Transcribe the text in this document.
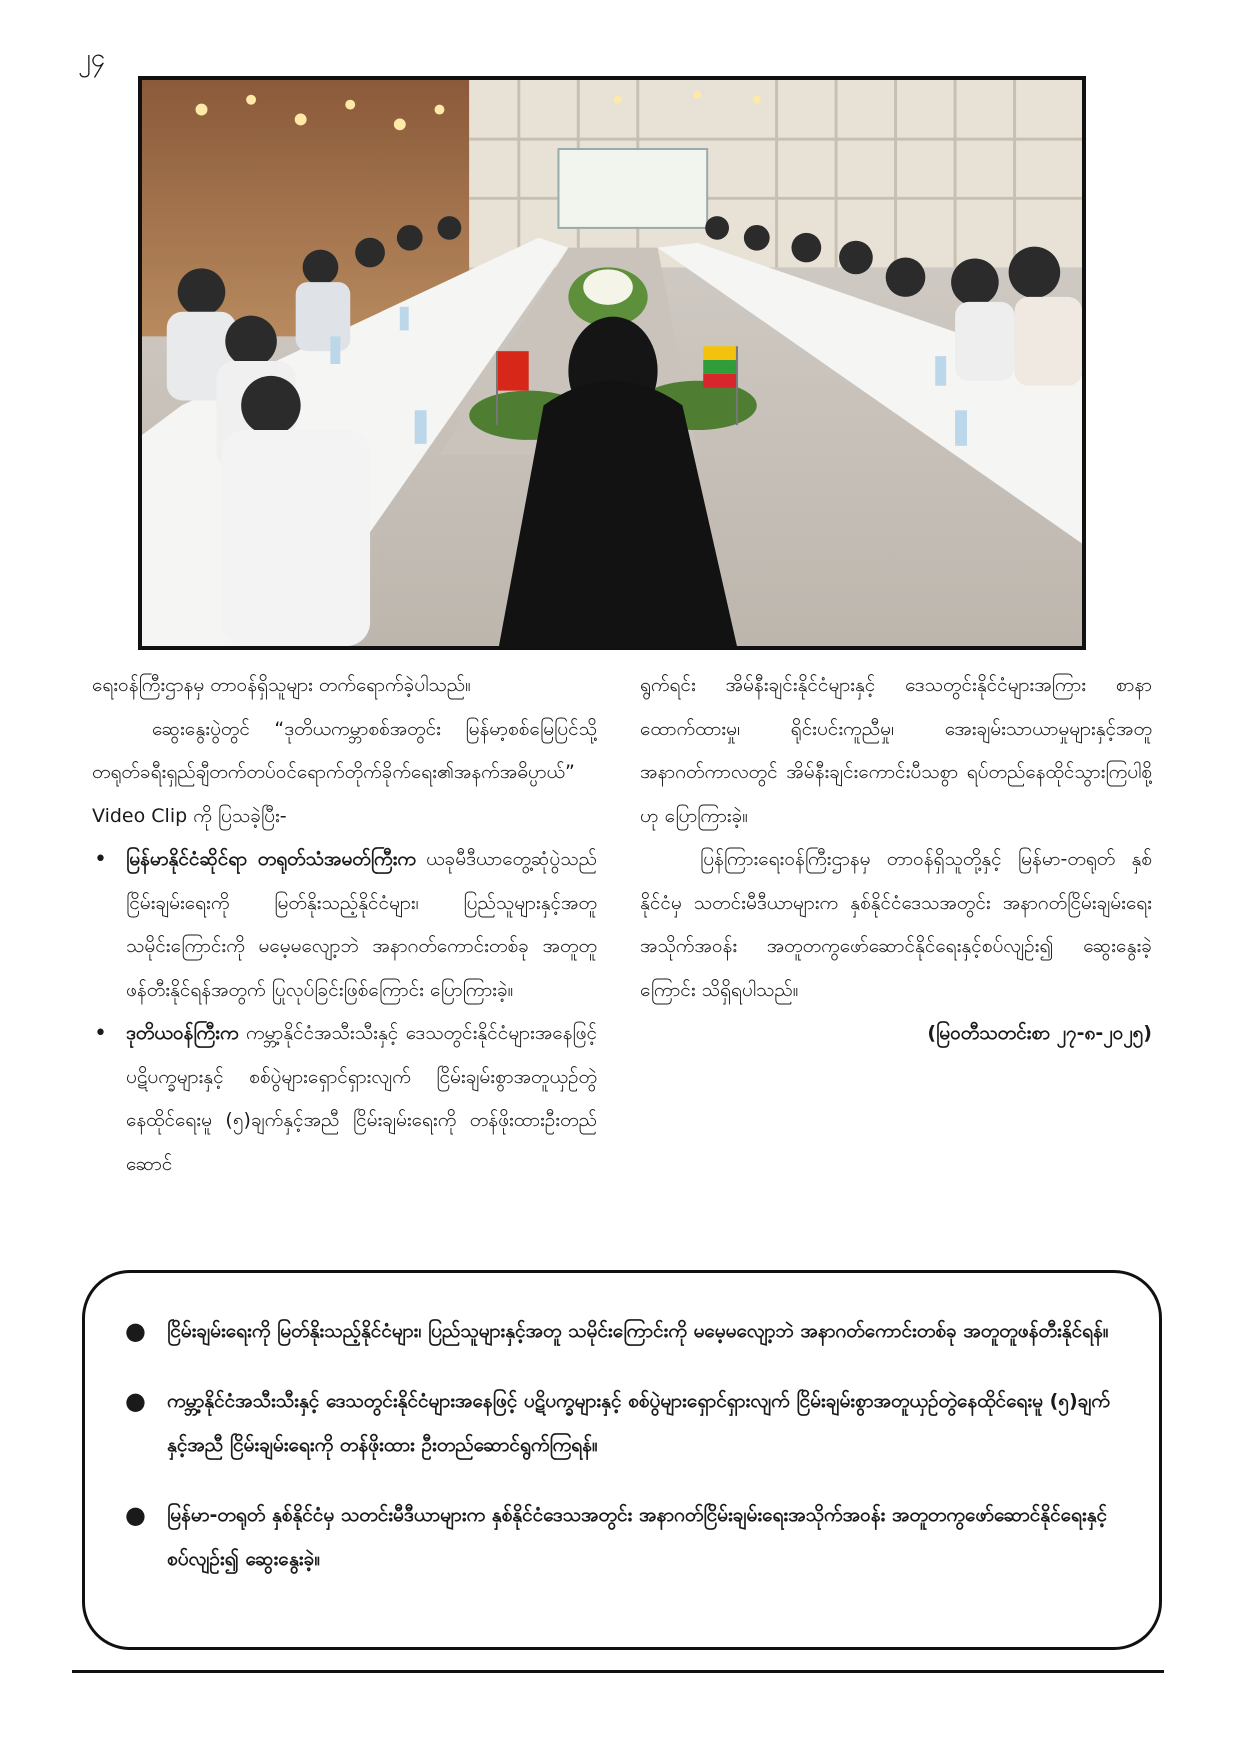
၂၄

ရေးဝန်ကြီးဌာနမှ တာဝန်ရှိသူများ တက်ရောက်ခဲ့ပါသည်။

ဆွေးနွေးပွဲတွင် “ဒုတိယကမ္ဘာစစ်အတွင်း မြန်မာ့စစ်မြေပြင်သို့ တရုတ်ခရီးရှည်ချီတက်တပ်ဝင်ရောက်တိုက်ခိုက်ရေး၏အနက်အဓိပ္ပာယ်” Video Clip ကို ပြသခဲ့ပြီး-

• မြန်မာနိုင်ငံဆိုင်ရာ တရုတ်သံအမတ်ကြီးက ယခုမီဒီယာတွေ့ဆုံပွဲသည် ငြိမ်းချမ်းရေးကို မြတ်နိုးသည့်နိုင်ငံများ၊ ပြည်သူများနှင့်အတူ သမိုင်းကြောင်းကို မမေ့မလျော့ဘဲ အနာဂတ်ကောင်းတစ်ခု အတူတူဖန်တီးနိုင်ရန်အတွက် ပြုလုပ်ခြင်းဖြစ်ကြောင်း ပြောကြားခဲ့။
• ဒုတိယဝန်ကြီးက ကမ္ဘာ့နိုင်ငံအသီးသီးနှင့် ဒေသတွင်းနိုင်ငံများအနေဖြင့် ပဋိပက္ခများနှင့် စစ်ပွဲများရှောင်ရှားလျက် ငြိမ်းချမ်းစွာအတူယှဉ်တွဲနေထိုင်ရေးမူ (၅)ချက်နှင့်အညီ ငြိမ်းချမ်းရေးကို တန်ဖိုးထားဦးတည်ဆောင်

ရွက်ရင်း အိမ်နီးချင်းနိုင်ငံများနှင့် ဒေသတွင်းနိုင်ငံများအကြား စာနာထောက်ထားမှု၊ ရိုင်းပင်းကူညီမှု၊ အေးချမ်းသာယာမှုများနှင့်အတူ အနာဂတ်ကာလတွင် အိမ်နီးချင်းကောင်းပီသစွာ ရပ်တည်နေထိုင်သွားကြပါစို့ဟု ပြောကြားခဲ့။

ပြန်ကြားရေးဝန်ကြီးဌာနမှ တာဝန်ရှိသူတို့နှင့် မြန်မာ-တရုတ် နှစ်နိုင်ငံမှ သတင်းမီဒီယာများက နှစ်နိုင်ငံဒေသအတွင်း အနာဂတ်ငြိမ်းချမ်းရေးအသိုက်အဝန်း အတူတကွဖော်ဆောင်နိုင်ရေးနှင့်စပ်လျဉ်း၍ ဆွေးနွေးခဲ့ကြောင်း သိရှိရပါသည်။

(မြဝတီသတင်းစာ ၂၇-၈-၂၀၂၅)

● ငြိမ်းချမ်းရေးကို မြတ်နိုးသည့်နိုင်ငံများ၊ ပြည်သူများနှင့်အတူ သမိုင်းကြောင်းကို မမေ့မလျော့ဘဲ အနာဂတ်ကောင်းတစ်ခု အတူတူဖန်တီးနိုင်ရန်။
● ကမ္ဘာ့နိုင်ငံအသီးသီးနှင့် ဒေသတွင်းနိုင်ငံများအနေဖြင့် ပဋိပက္ခများနှင့် စစ်ပွဲများရှောင်ရှားလျက် ငြိမ်းချမ်းစွာအတူယှဉ်တွဲနေထိုင်ရေးမူ (၅)ချက်နှင့်အညီ ငြိမ်းချမ်းရေးကို တန်ဖိုးထား ဦးတည်ဆောင်ရွက်ကြရန်။
● မြန်မာ-တရုတ် နှစ်နိုင်ငံမှ သတင်းမီဒီယာများက နှစ်နိုင်ငံဒေသအတွင်း အနာဂတ်ငြိမ်းချမ်းရေးအသိုက်အဝန်း အတူတကွဖော်ဆောင်နိုင်ရေးနှင့်စပ်လျဉ်း၍ ဆွေးနွေးခဲ့။
